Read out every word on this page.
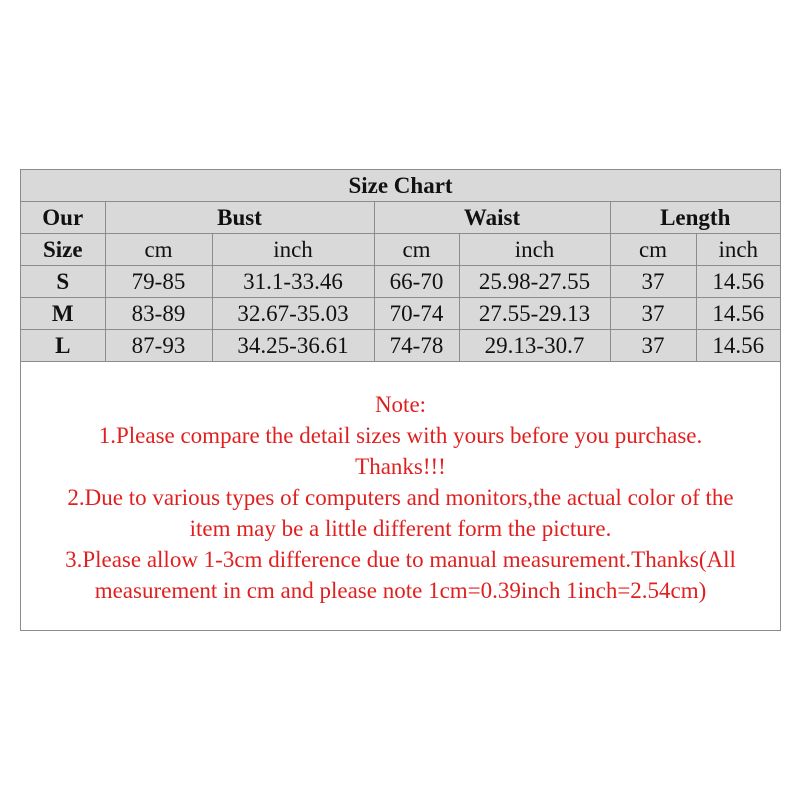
Size Chart						
Our	Bust		Waist		Length	
Size	cm	inch	cm	inch	cm	inch
S	79-85	31.1-33.46	66-70	25.98-27.55	37	14.56
M	83-89	32.67-35.03	70-74	27.55-29.13	37	14.56
L	87-93	34.25-36.61	74-78	29.13-30.7	37	14.56

Note:

1.Please compare the detail sizes with yours before you purchase.

Thanks!!!

2.Due to various types of computers and monitors,the actual color of the

item may be a little different form the picture.

3.Please allow 1-3cm difference due to manual measurement.Thanks(All

measurement in cm and please note 1cm=0.39inch 1inch=2.54cm)
